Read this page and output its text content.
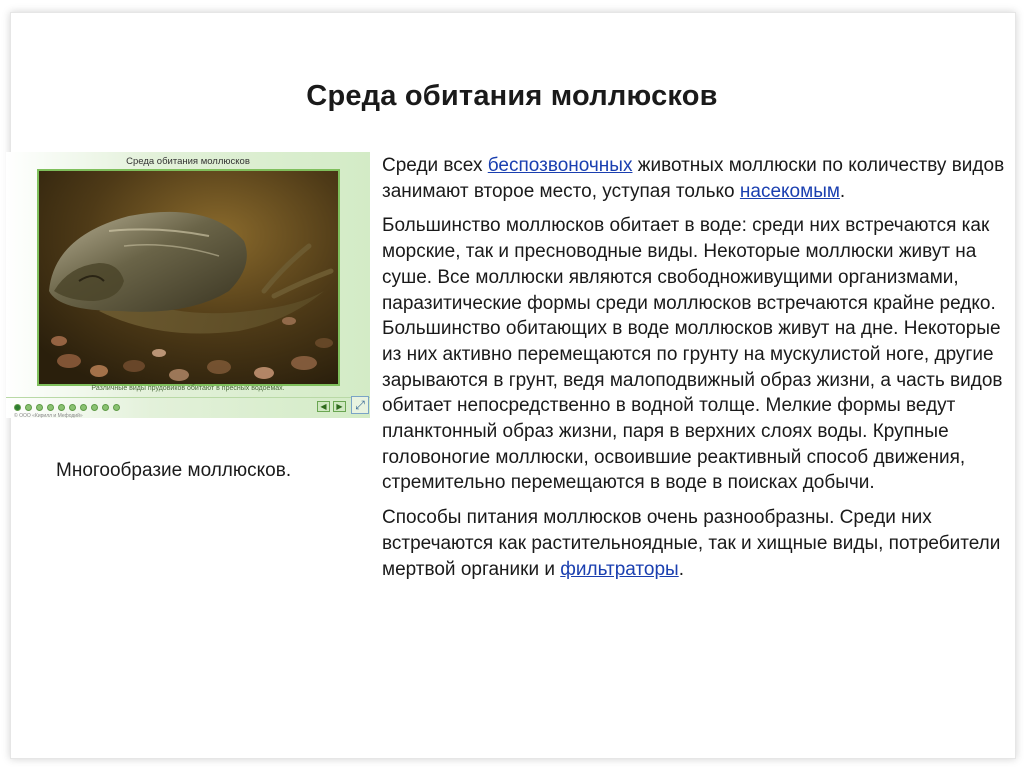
Среда обитания моллюсков
Среда обитания моллюсков
Различные виды прудовиков обитают в пресных водоемах.
© ООО «Кирилл и Мефодий»
◀	▶	⤢
Многообразие моллюсков.

Среди всех беспозвоночных животных моллюски по количеству видов занимают второе место, уступая только насекомым.

Большинство моллюсков обитает в воде: среди них встречаются как морские, так и пресноводные виды. Некоторые моллюски живут на суше. Все моллюски являются свободноживущими организмами, паразитические формы среди моллюсков встречаются крайне редко. Большинство обитающих в воде моллюсков живут на дне. Некоторые из них активно перемещаются по грунту на мускулистой ноге, другие зарываются в грунт, ведя малоподвижный образ жизни, а часть видов обитает непосредственно в водной толще. Мелкие формы ведут планктонный образ жизни, паря в верхних слоях воды. Крупные головоногие моллюски, освоившие реактивный способ движения, стремительно перемещаются в воде в поисках добычи.

Способы питания моллюсков очень разнообразны. Среди них встречаются как растительноядные, так и хищные виды, потребители мертвой органики и фильтраторы.
